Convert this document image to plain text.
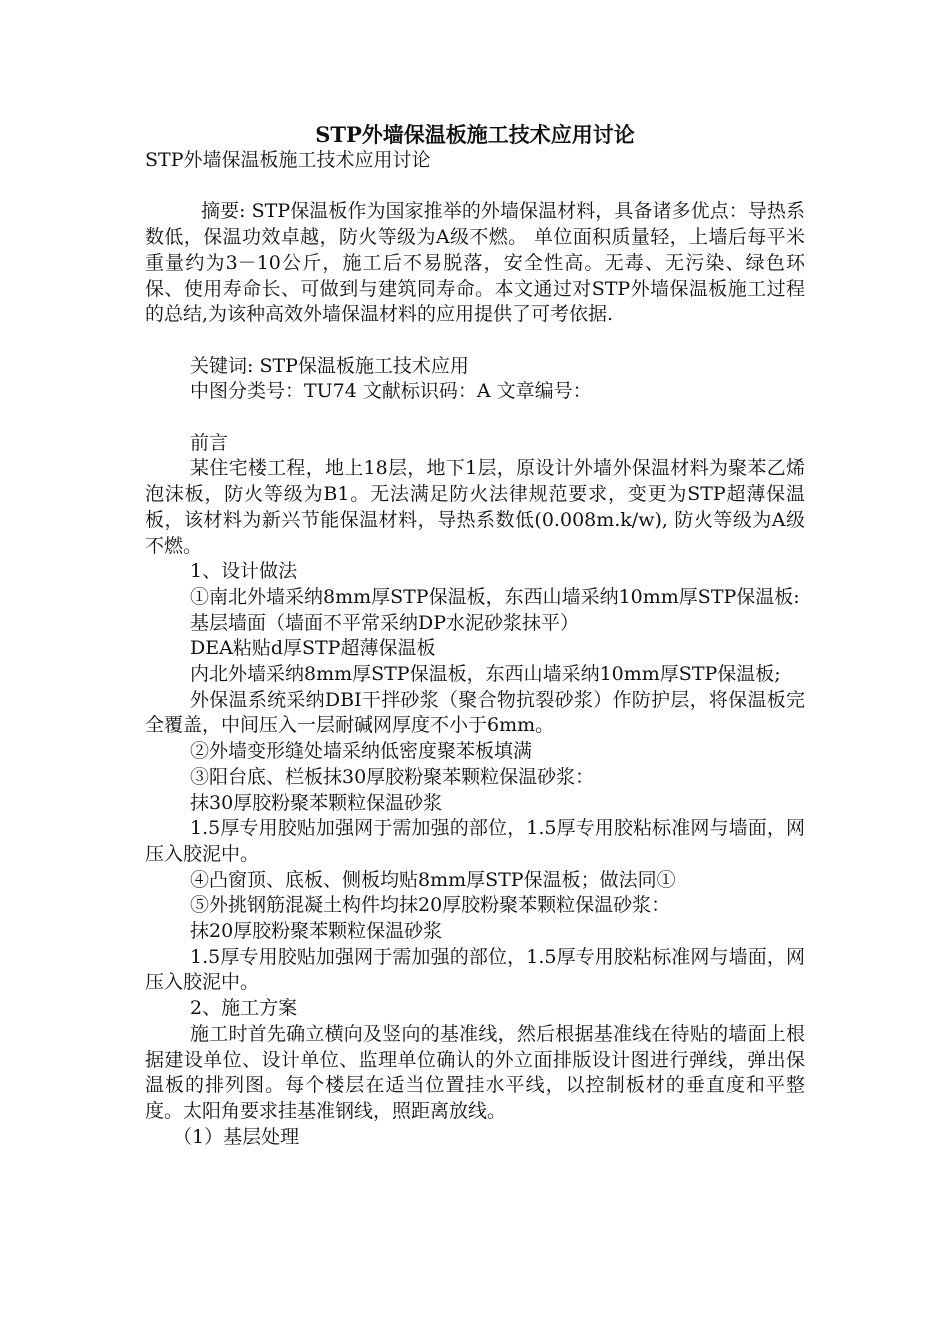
STP外墙保温板施工技术应用讨论

STP外墙保温板施工技术应用讨论

摘要: STP保温板作为国家推举的外墙保温材料，具备诸多优点：导热系数低，保温功效卓越，防火等级为A级不燃。 单位面积质量轻，上墙后每平米重量约为3－10公斤，施工后不易脱落，安全性高。无毒、无污染、绿色环保、使用寿命长、可做到与建筑同寿命。本文通过对STP外墙保温板施工过程的总结,为该种高效外墙保温材料的应用提供了可考依据.

关键词: STP保温板施工技术应用

中图分类号：TU74 文献标识码：A 文章编号：

前言

某住宅楼工程，地上18层，地下1层，原设计外墙外保温材料为聚苯乙烯泡沫板，防火等级为B1。无法满足防火法律规范要求，变更为STP超薄保温板，该材料为新兴节能保温材料，导热系数低(0.008m.k/w), 防火等级为A级不燃。

1、设计做法

①南北外墙采纳8mm厚STP保温板，东西山墙采纳10mm厚STP保温板:

基层墙面（墙面不平常采纳DP水泥砂浆抹平）

DEA粘贴d厚STP超薄保温板

内北外墙采纳8mm厚STP保温板，东西山墙采纳10mm厚STP保温板;

外保温系统采纳DBI干拌砂浆（聚合物抗裂砂浆）作防护层，将保温板完全覆盖，中间压入一层耐碱网厚度不小于6mm。

②外墙变形缝处墙采纳低密度聚苯板填满

③阳台底、栏板抹30厚胶粉聚苯颗粒保温砂浆：

抹30厚胶粉聚苯颗粒保温砂浆

1.5厚专用胶贴加强网于需加强的部位，1.5厚专用胶粘标准网与墙面，网压入胶泥中。

④凸窗顶、底板、侧板均贴8mm厚STP保温板；做法同①

⑤外挑钢筋混凝土构件均抹20厚胶粉聚苯颗粒保温砂浆：

抹20厚胶粉聚苯颗粒保温砂浆

1.5厚专用胶贴加强网于需加强的部位，1.5厚专用胶粘标准网与墙面，网压入胶泥中。

2、施工方案

施工时首先确立横向及竖向的基准线，然后根据基准线在待贴的墙面上根据建设单位、设计单位、监理单位确认的外立面排版设计图进行弹线，弹出保温板的排列图。每个楼层在适当位置挂水平线，以控制板材的垂直度和平整度。太阳角要求挂基准钢线，照距离放线。

（1）基层处理
